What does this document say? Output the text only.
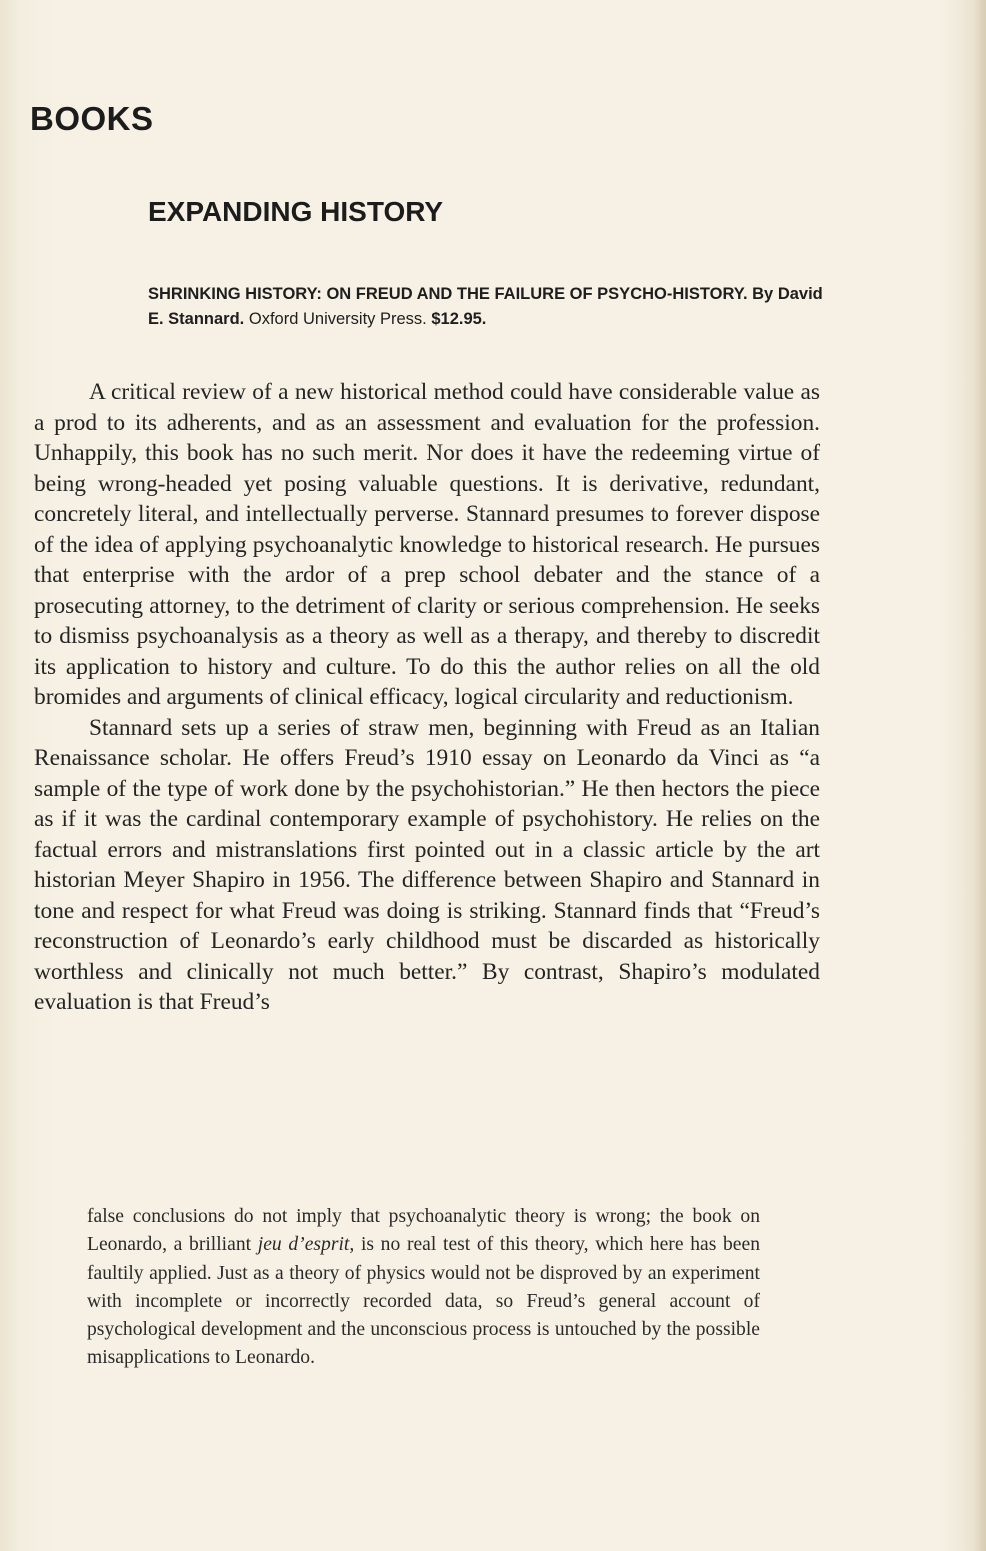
BOOKS
EXPANDING HISTORY

SHRINKING HISTORY: ON FREUD AND THE FAILURE OF PSYCHO-HISTORY. By David E. Stannard. Oxford University Press. $12.95.

A critical review of a new historical method could have considerable value as a prod to its adherents, and as an assessment and evaluation for the profession. Unhappily, this book has no such merit. Nor does it have the redeeming virtue of being wrong-headed yet posing valuable questions. It is derivative, redundant, concretely literal, and intellectually perverse. Stannard presumes to forever dispose of the idea of applying psychoanalytic knowledge to historical research. He pursues that enterprise with the ardor of a prep school debater and the stance of a prosecuting attorney, to the detriment of clarity or serious comprehension. He seeks to dismiss psychoanalysis as a theory as well as a therapy, and thereby to discredit its application to history and culture. To do this the author relies on all the old bromides and arguments of clinical efficacy, logical circularity and reductionism.

Stannard sets up a series of straw men, beginning with Freud as an Italian Renaissance scholar. He offers Freud’s 1910 essay on Leonardo da Vinci as “a sample of the type of work done by the psychohistorian.” He then hectors the piece as if it was the cardinal contemporary example of psychohistory. He relies on the factual errors and mistranslations first pointed out in a classic article by the art historian Meyer Shapiro in 1956. The difference between Shapiro and Stannard in tone and respect for what Freud was doing is striking. Stannard finds that “Freud’s reconstruction of Leonardo’s early childhood must be discarded as historically worthless and clinically not much better.” By contrast, Shapiro’s modulated evaluation is that Freud’s

false conclusions do not imply that psychoanalytic theory is wrong; the book on Leonardo, a brilliant jeu d’esprit, is no real test of this theory, which here has been faultily applied. Just as a theory of physics would not be disproved by an experiment with incomplete or incorrectly recorded data, so Freud’s general account of psychological development and the unconscious process is untouched by the possible misapplications to Leonardo.
